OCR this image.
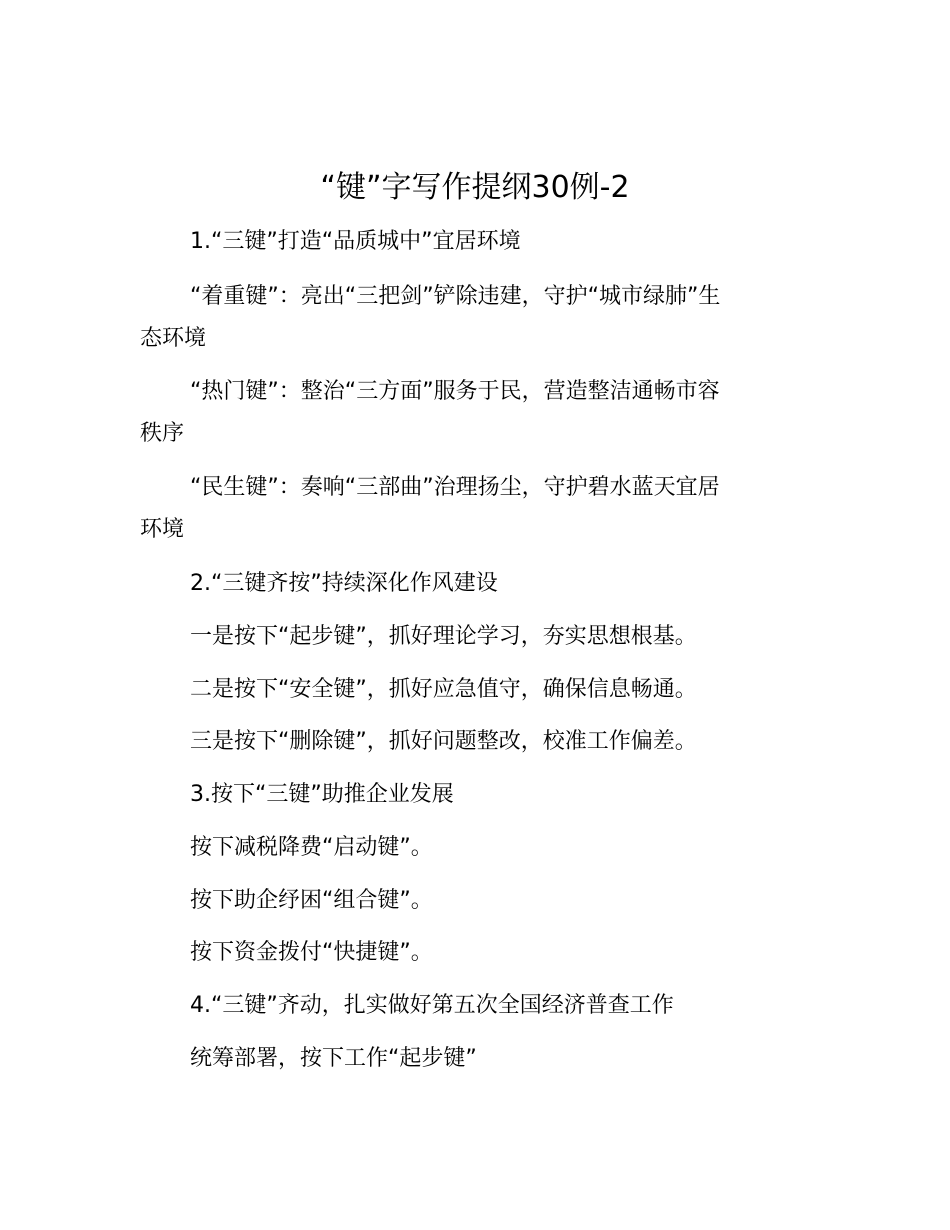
“键”字写作提纲30例-2
1.“三键”打造“品质城中”宜居环境
“着重键”：亮出“三把剑”铲除违建，守护“城市绿肺”生
态环境
“热门键”：整治“三方面”服务于民，营造整洁通畅市容
秩序
“民生键”：奏响“三部曲”治理扬尘，守护碧水蓝天宜居
环境
2.“三键齐按”持续深化作风建设
一是按下“起步键”，抓好理论学习，夯实思想根基。
二是按下“安全键”，抓好应急值守，确保信息畅通。
三是按下“删除键”，抓好问题整改，校准工作偏差。
3.按下“三键”助推企业发展
按下减税降费“启动键”。
按下助企纾困“组合键”。
按下资金拨付“快捷键”。
4.“三键”齐动，扎实做好第五次全国经济普查工作
统筹部署，按下工作“起步键”
